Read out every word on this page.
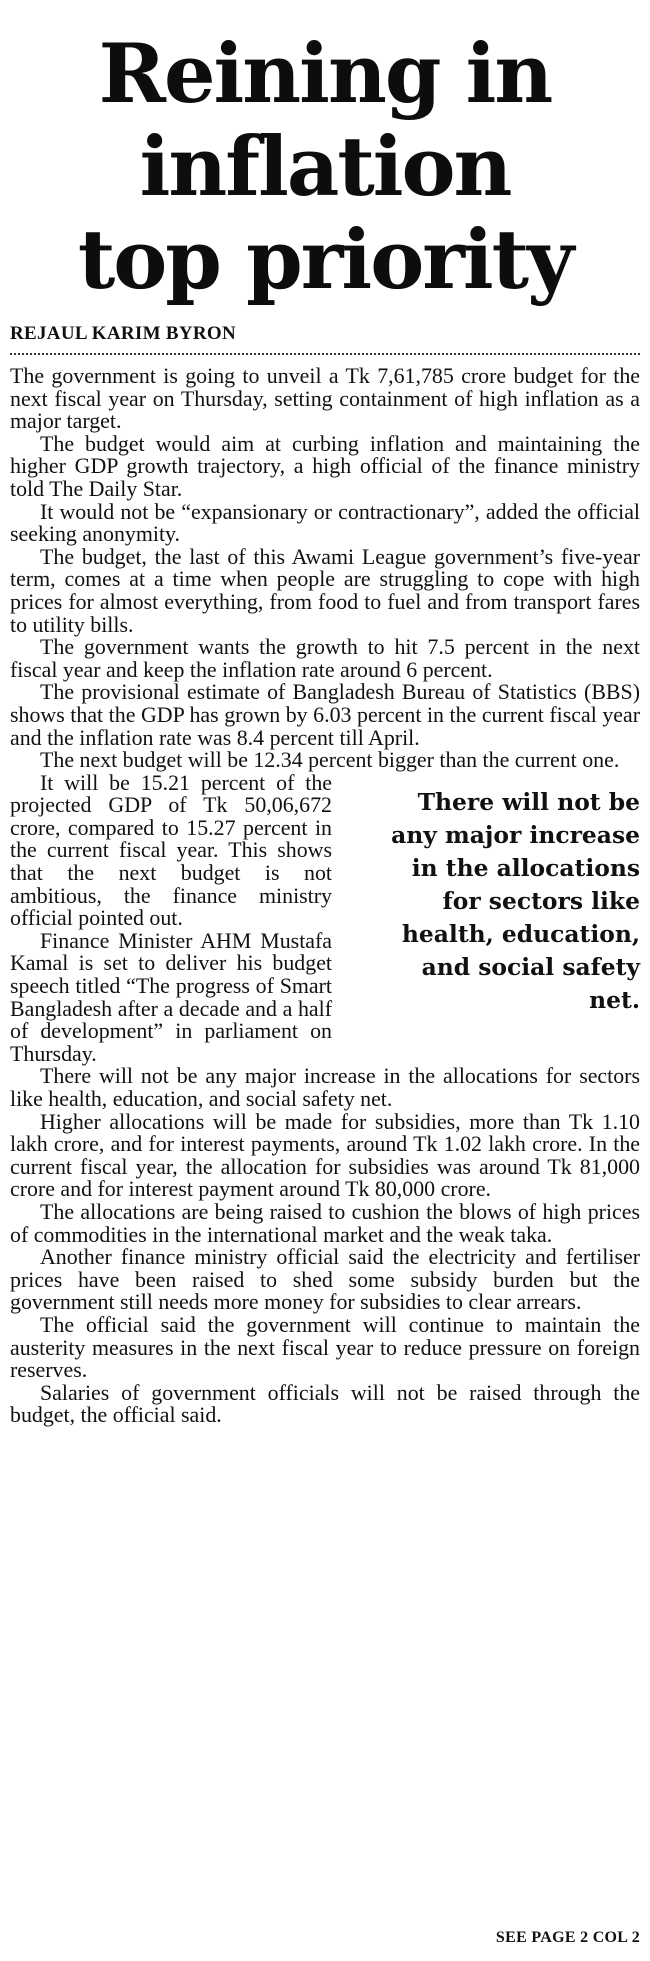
Reining in
inflation
top priority
REJAUL KARIM BYRON

The government is going to unveil a Tk 7,61,785 crore budget for the next fiscal year on Thursday, setting containment of high inflation as a major target.

The budget would aim at curbing inflation and maintaining the higher GDP growth trajectory, a high official of the finance ministry told The Daily Star.

It would not be “expansionary or contractionary”, added the official seeking anonymity.

The budget, the last of this Awami League government’s five-year term, comes at a time when people are struggling to cope with high prices for almost everything, from food to fuel and from transport fares to utility bills.

The government wants the growth to hit 7.5 percent in the next fiscal year and keep the inflation rate around 6 percent.

The provisional estimate of Bangladesh Bureau of Statistics (BBS) shows that the GDP has grown by 6.03 percent in the current fiscal year and the inflation rate was 8.4 percent till April.

The next budget will be 12.34 percent bigger than the current one.

There will not be
any major increase
in the allocations
for sectors like
health, education,
and social safety
net.

It will be 15.21 percent of the projected GDP of Tk 50,06,672 crore, compared to 15.27 percent in the current fiscal year. This shows that the next budget is not ambitious, the finance ministry official pointed out.

Finance Minister AHM Mustafa Kamal is set to deliver his budget speech titled “The progress of Smart Bangladesh after a decade and a half of development” in parliament on Thursday.

There will not be any major increase in the allocations for sectors like health, education, and social safety net.

Higher allocations will be made for subsidies, more than Tk 1.10 lakh crore, and for interest payments, around Tk 1.02 lakh crore. In the current fiscal year, the allocation for subsidies was around Tk 81,000 crore and for interest payment around Tk 80,000 crore.

The allocations are being raised to cushion the blows of high prices of commodities in the international market and the weak taka.

Another finance ministry official said the electricity and fertiliser prices have been raised to shed some subsidy burden but the government still needs more money for subsidies to clear arrears.

The official said the government will continue to maintain the austerity measures in the next fiscal year to reduce pressure on foreign reserves.

Salaries of government officials will not be raised through the budget, the official said.

SEE PAGE 2 COL 2
